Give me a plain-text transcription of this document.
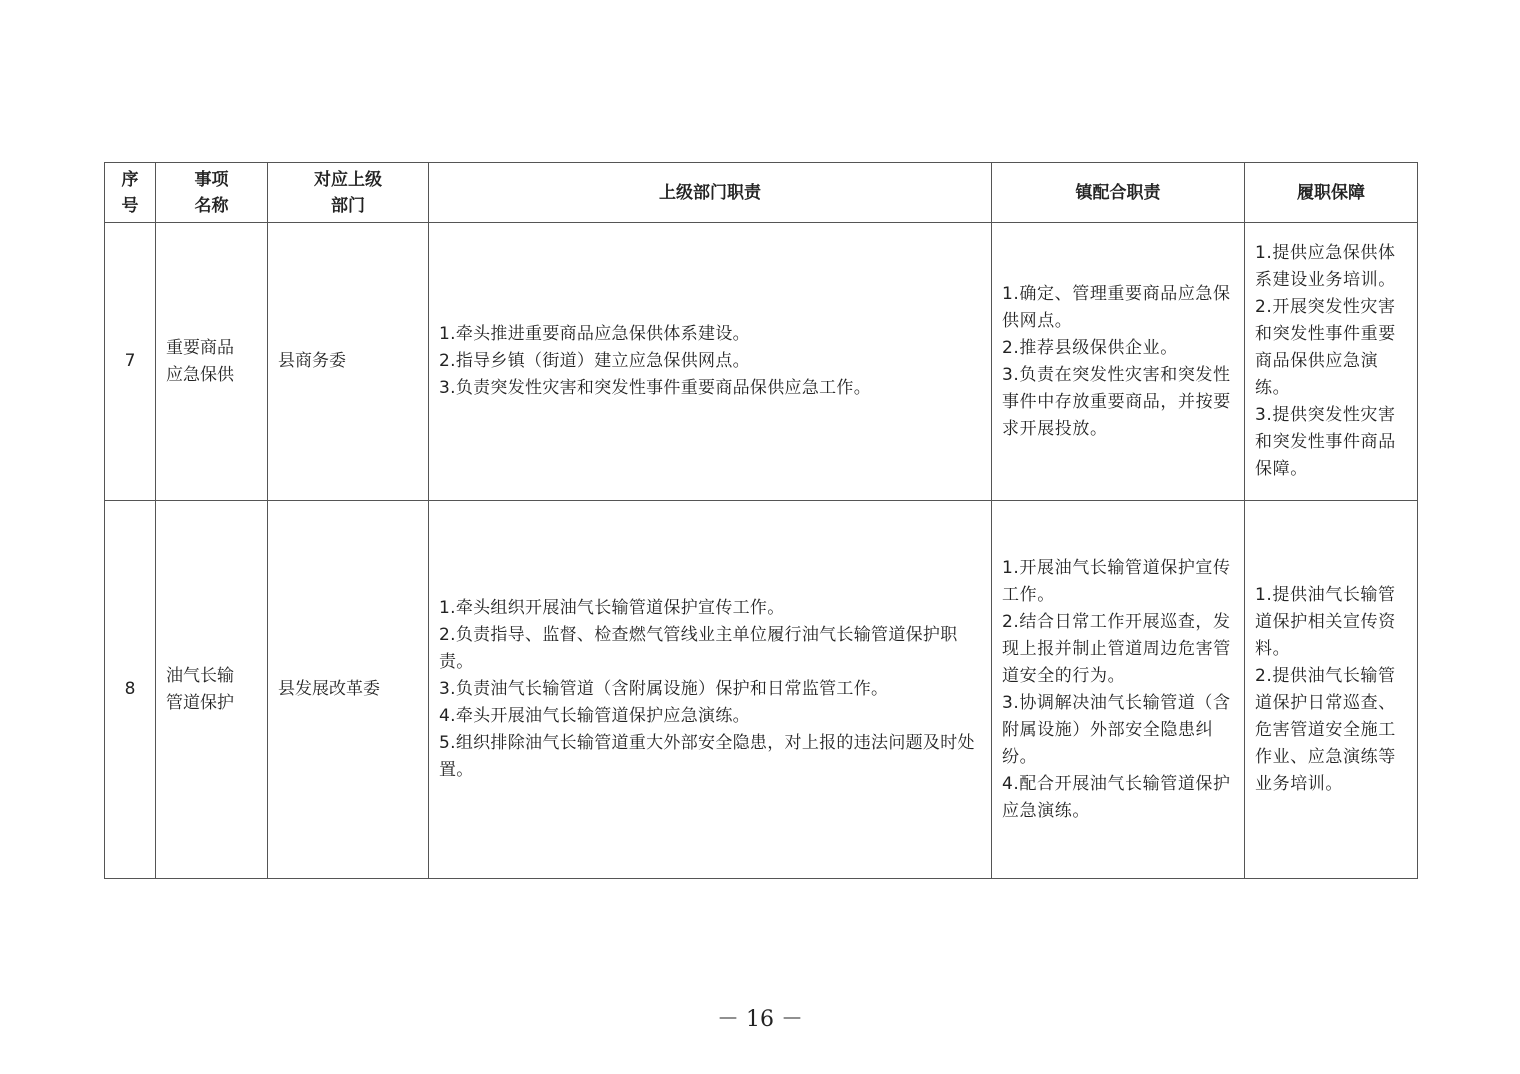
序
号	事项
名称	对应上级
部门	上级部门职责	镇配合职责	履职保障
7	重要商品
应急保供	县商务委	1.牵头推进重要商品应急保供体系建设。
2.指导乡镇（街道）建立应急保供网点。
3.负责突发性灾害和突发性事件重要商品保供应急工作。	1.确定、管理重要商品应急保供网点。
2.推荐县级保供企业。
3.负责在突发性灾害和突发性事件中存放重要商品，并按要求开展投放。	1.提供应急保供体系建设业务培训。
2.开展突发性灾害和突发性事件重要商品保供应急演练。
3.提供突发性灾害和突发性事件商品保障。

8	油气长输
管道保护	县发展改革委	1.牵头组织开展油气长输管道保护宣传工作。
2.负责指导、监督、检查燃气管线业主单位履行油气长输管道保护职责。
3.负责油气长输管道（含附属设施）保护和日常监管工作。
4.牵头开展油气长输管道保护应急演练。
5.组织排除油气长输管道重大外部安全隐患，对上报的违法问题及时处置。	1.开展油气长输管道保护宣传工作。
2.结合日常工作开展巡查，发现上报并制止管道周边危害管道安全的行为。
3.协调解决油气长输管道（含附属设施）外部安全隐患纠纷。
4.配合开展油气长输管道保护应急演练。	1.提供油气长输管道保护相关宣传资料。
2.提供油气长输管道保护日常巡查、危害管道安全施工作业、应急演练等业务培训。
－ 16 －
